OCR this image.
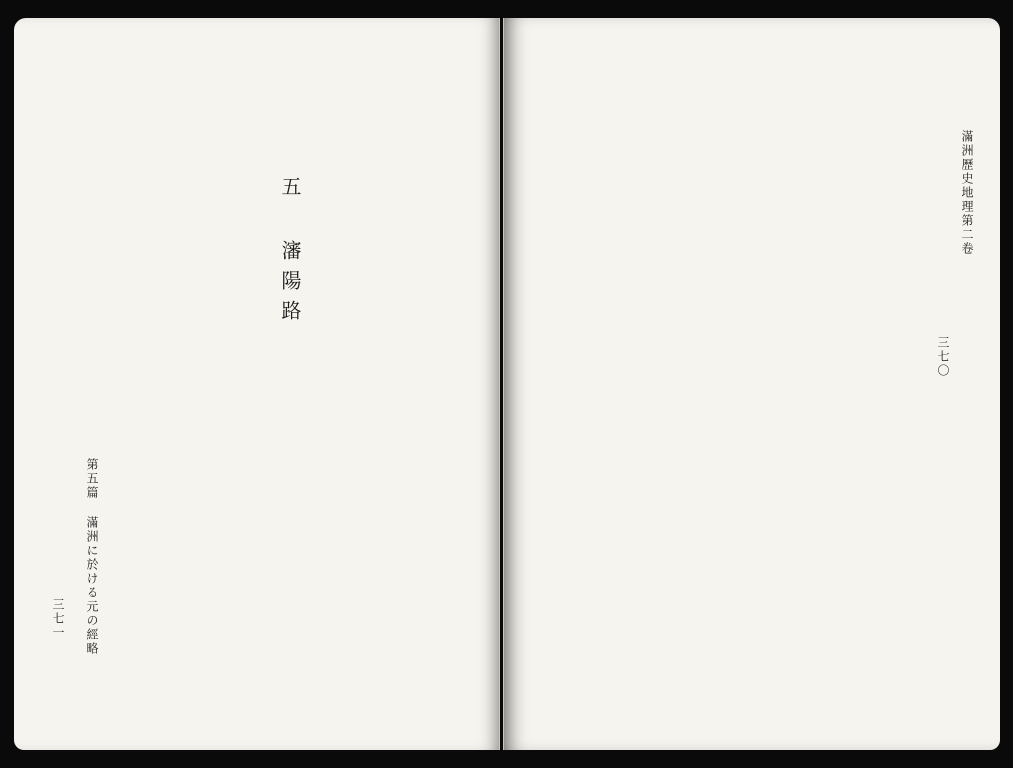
三七一 第五篇 滿洲に於ける元の經略
五 瀋陽路
三七〇
滿洲歷史地理第二卷
